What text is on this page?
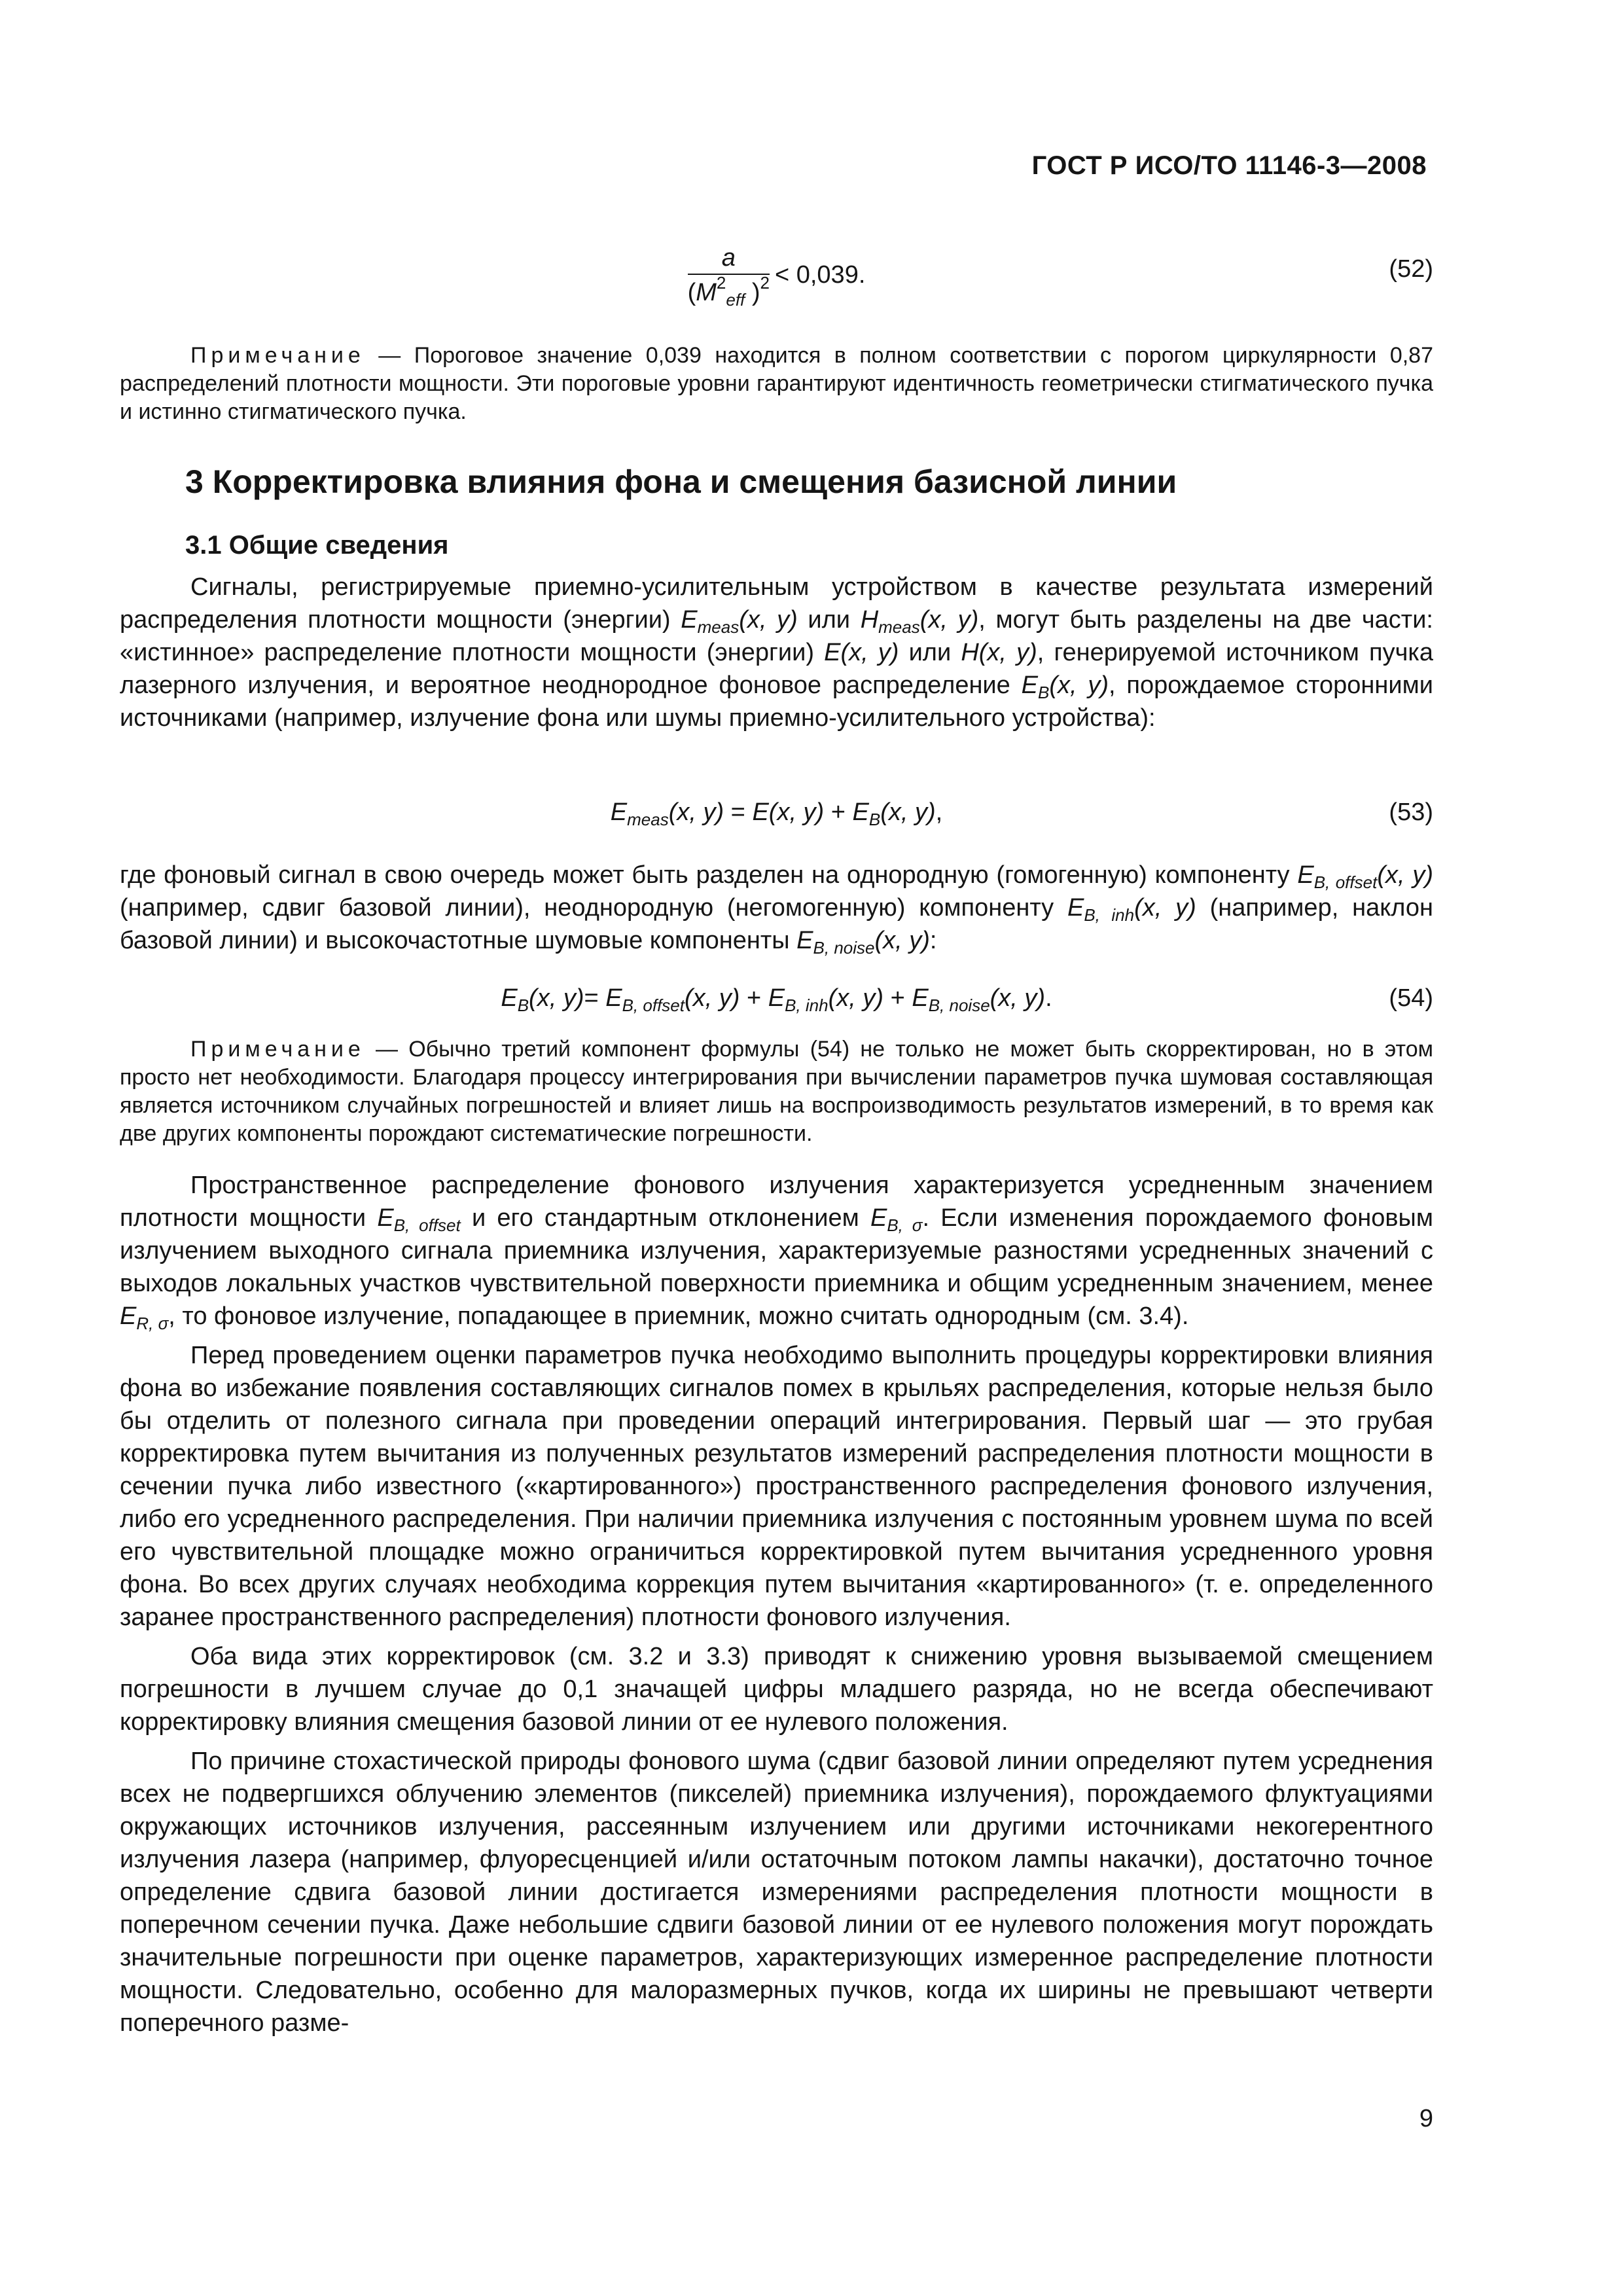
ГОСТ Р ИСО/ТО 11146-3—2008
$\frac{a}{(M^2_{eff} )^2} < 0,039$.	(52)

Примечание — Пороговое значение 0,039 находится в полном соответствии с порогом циркулярности 0,87 распределений плотности мощности. Эти пороговые уровни гарантируют идентичность геометрически стигматического пучка и истинно стигматического пучка.

3 Корректировка влияния фона и смещения базисной линии
3.1 Общие сведения

Сигналы, регистрируемые приемно-усилительным устройством в качестве результата измерений распределения плотности мощности (энергии) $E_{meas}(x$, y) или $H_{meas}(x$, y), могут быть разделены на две части: «истинное» распределение плотности мощности (энергии) E(x, y) или H(x, y), генерируемой источником пучка лазерного излучения, и вероятное неоднородное фоновое распределение $E_B(x$, y), порождаемое сторонними источниками (например, излучение фона или шумы приемно-усилительного устройства):

$E_{meas}(x$, y) = E(x, $y) + E_B(x$, y),	(53)

где фоновый сигнал в свою очередь может быть разделен на однородную (гомогенную) компоненту $E_{B, offset}(x$, y) (например, сдвиг базовой линии), неоднородную (негомогенную) компоненту $E_{B, inh}(x$, y) (например, наклон базовой линии) и высокочастотные шумовые компоненты $E_{B, noise}(x$, y):

$E_B(x$, $y)= E_{B, offset}(x$, $y) + E_{B, inh}(x$, $y) + E_{B, noise}(x$, y).	(54)

Примечание — Обычно третий компонент формулы (54) не только не может быть скорректирован, но в этом просто нет необходимости. Благодаря процессу интегрирования при вычислении параметров пучка шумовая составляющая является источником случайных погрешностей и влияет лишь на воспроизводимость результатов измерений, в то время как две других компоненты порождают систематические погрешности.

Пространственное распределение фонового излучения характеризуется усредненным значением плотности мощности $E_{B, offset}$ и его стандартным отклонением $E_{B, \sigma}$. Если изменения порождаемого фоновым излучением выходного сигнала приемника излучения, характеризуемые разностями усредненных значений с выходов локальных участков чувствительной поверхности приемника и общим усредненным значением, менее $E_{R, \sigma}$, то фоновое излучение, попадающее в приемник, можно считать однородным (см. 3.4).

Перед проведением оценки параметров пучка необходимо выполнить процедуры корректировки влияния фона во избежание появления составляющих сигналов помех в крыльях распределения, которые нельзя было бы отделить от полезного сигнала при проведении операций интегрирования. Первый шаг — это грубая корректировка путем вычитания из полученных результатов измерений распределения плотности мощности в сечении пучка либо известного («картированного») пространственного распределения фонового излучения, либо его усредненного распределения. При наличии приемника излучения с постоянным уровнем шума по всей его чувствительной площадке можно ограничиться корректировкой путем вычитания усредненного уровня фона. Во всех других случаях необходима коррекция путем вычитания «картированного» (т. е. определенного заранее пространственного распределения) плотности фонового излучения.

Оба вида этих корректировок (см. 3.2 и 3.3) приводят к снижению уровня вызываемой смещением погрешности в лучшем случае до 0,1 значащей цифры младшего разряда, но не всегда обеспечивают корректировку влияния смещения базовой линии от ее нулевого положения.

По причине стохастической природы фонового шума (сдвиг базовой линии определяют путем усреднения всех не подвергшихся облучению элементов (пикселей) приемника излучения), порождаемого флуктуациями окружающих источников излучения, рассеянным излучением или другими источниками некогерентного излучения лазера (например, флуоресценцией и/или остаточным потоком лампы накачки), достаточно точное определение сдвига базовой линии достигается измерениями распределения плотности мощности в поперечном сечении пучка. Даже небольшие сдвиги базовой линии от ее нулевого положения могут порождать значительные погрешности при оценке параметров, характеризующих измеренное распределение плотности мощности. Следовательно, особенно для малоразмерных пучков, когда их ширины не превышают четверти поперечного разме-

9
